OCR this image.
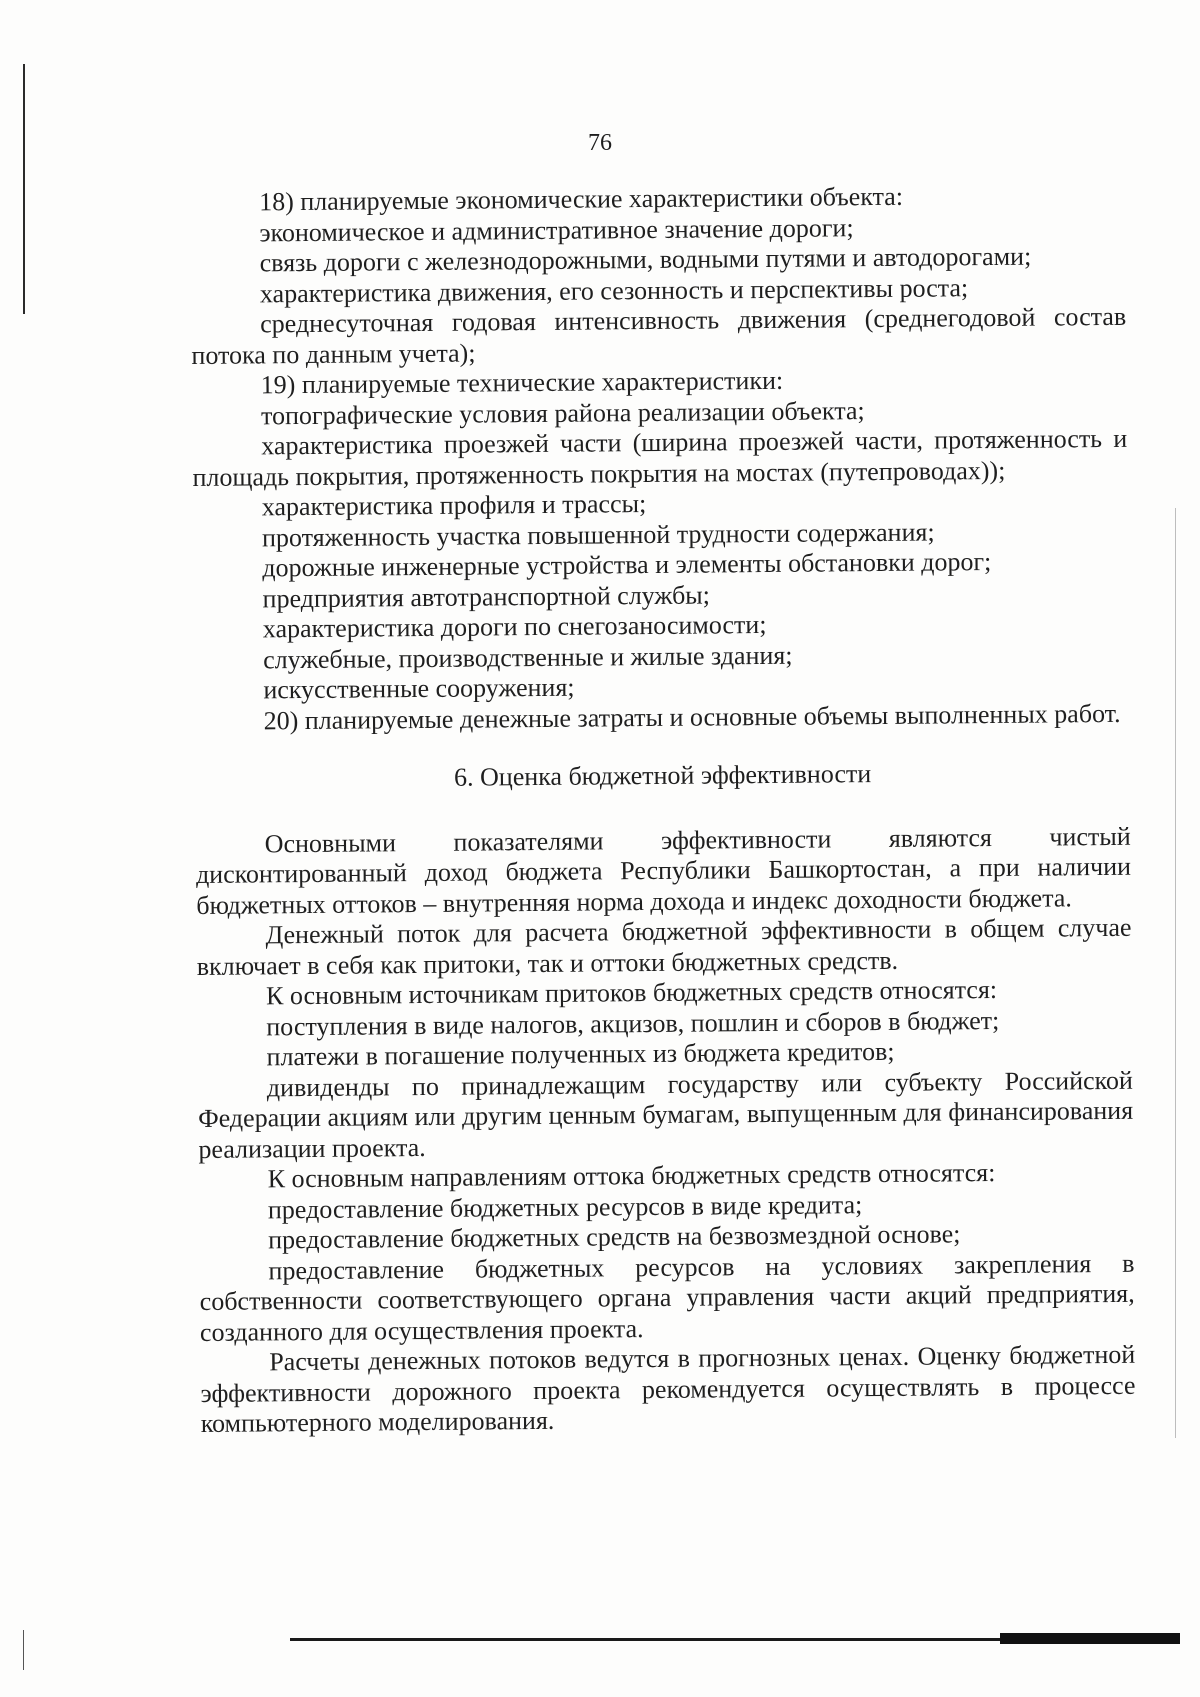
76

18) планируемые экономические характеристики объекта:

экономическое и административное значение дороги;

связь дороги с железнодорожными, водными путями и автодорогами;

характеристика движения, его сезонность и перспективы роста;

среднесуточная годовая интенсивность движения (среднегодовой состав потока по данным учета);

19) планируемые технические характеристики:

топографические условия района реализации объекта;

характеристика проезжей части (ширина проезжей части, протяженность и площадь покрытия, протяженность покрытия на мостах (путепроводах));

характеристика профиля и трассы;

протяженность участка повышенной трудности содержания;

дорожные инженерные устройства и элементы обстановки дорог;

предприятия автотранспортной службы;

характеристика дороги по снегозаносимости;

служебные, производственные и жилые здания;

искусственные сооружения;

20) планируемые денежные затраты и основные объемы выполненных работ.

6. Оценка бюджетной эффективности

Основными показателями эффективности являются чистый дисконтированный доход бюджета Республики Башкортостан, а при наличии бюджетных оттоков – внутренняя норма дохода и индекс доходности бюджета.

Денежный поток для расчета бюджетной эффективности в общем случае включает в себя как притоки, так и оттоки бюджетных средств.

К основным источникам притоков бюджетных средств относятся:

поступления в виде налогов, акцизов, пошлин и сборов в бюджет;

платежи в погашение полученных из бюджета кредитов;

дивиденды по принадлежащим государству или субъекту Российской Федерации акциям или другим ценным бумагам, выпущенным для финансирования реализации проекта.

К основным направлениям оттока бюджетных средств относятся:

предоставление бюджетных ресурсов в виде кредита;

предоставление бюджетных средств на безвозмездной основе;

предоставление бюджетных ресурсов на условиях закрепления в собственности соответствующего органа управления части акций предприятия, созданного для осуществления проекта.

Расчеты денежных потоков ведутся в прогнозных ценах. Оценку бюджетной эффективности дорожного проекта рекомендуется осуществлять в процессе компьютерного моделирования.
